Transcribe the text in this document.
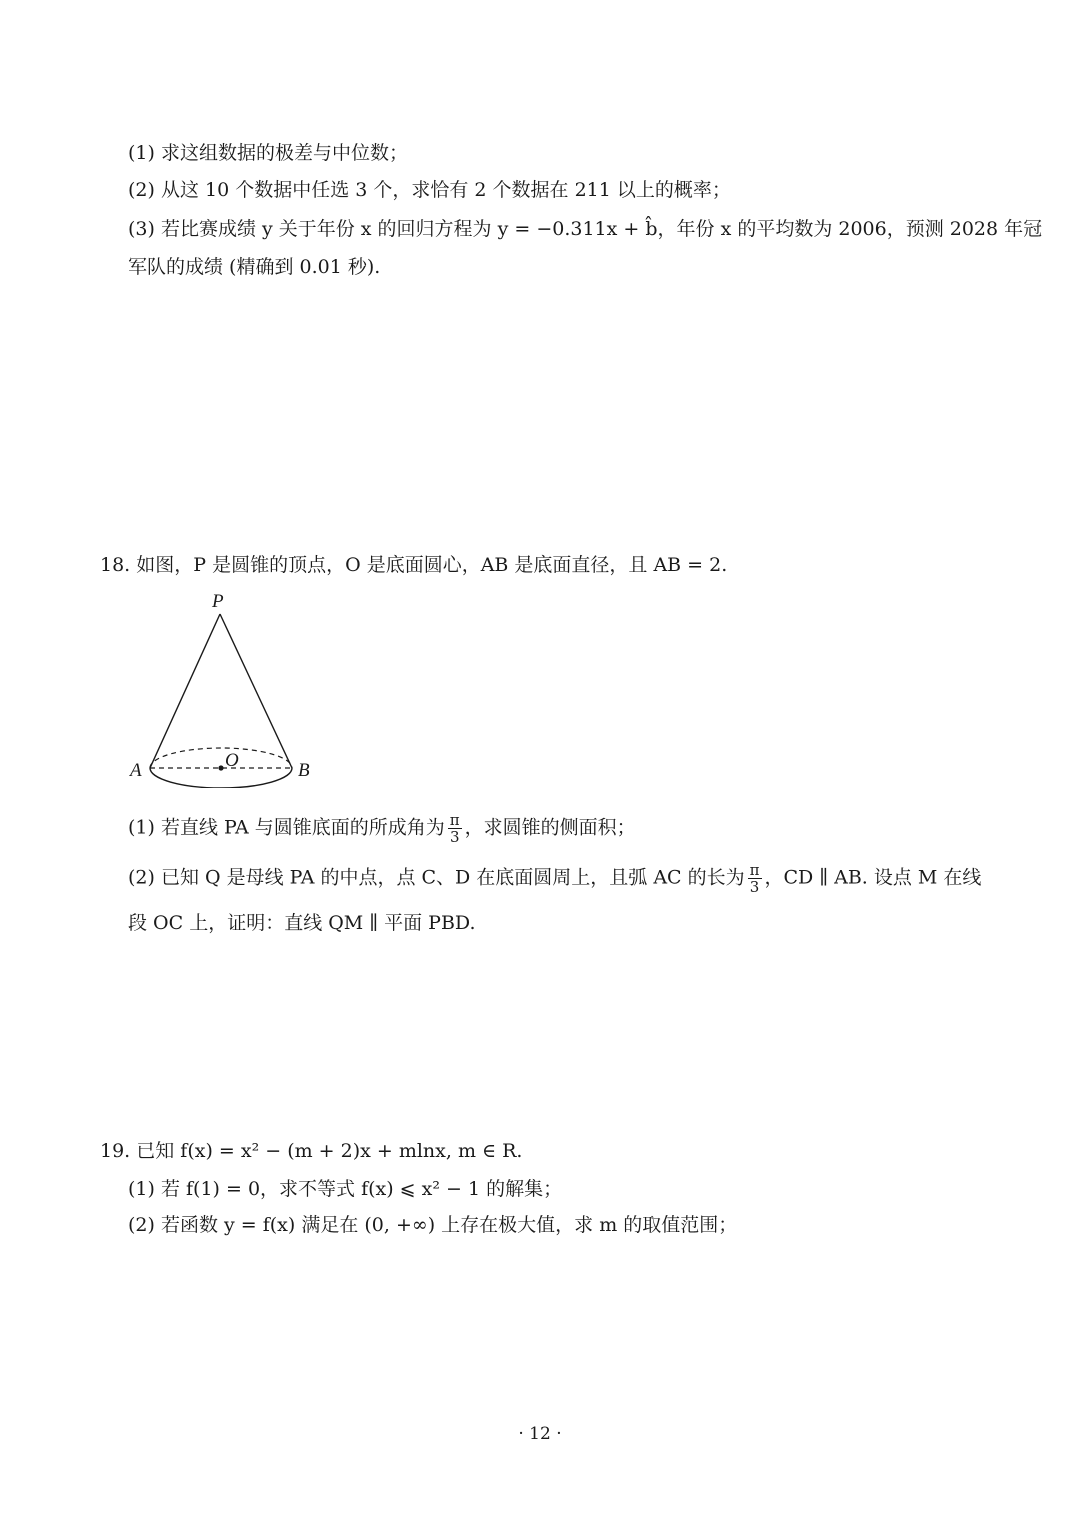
(1) 求这组数据的极差与中位数；
(2) 从这 10 个数据中任选 3 个，求恰有 2 个数据在 211 以上的概率；
(3) 若比赛成绩 y 关于年份 x 的回归方程为 y = −0.311x + b̂，年份 x 的平均数为 2006，预测 2028 年冠
军队的成绩 (精确到 0.01 秒).
18. 如图，P 是圆锥的顶点，O 是底面圆心，AB 是底面直径，且 AB = 2.
P
O
A	B
(1) 若直线 PA 与圆锥底面的所成角为 $\frac{\pi}{3}$ ，求圆锥的侧面积；
(2) 已知 Q 是母线 PA 的中点，点 C、D 在底面圆周上，且弧 AC 的长为 $\frac{\pi}{3}$ ，CD ∥ AB. 设点 M 在线
段 OC 上，证明：直线 QM ∥ 平面 PBD.
19. 已知 f(x) = x² − (m + 2)x + mlnx, m ∈ R.
(1) 若 f(1) = 0，求不等式 f(x) ⩽ x² − 1 的解集；
(2) 若函数 y = f(x) 满足在 (0, +∞) 上存在极大值，求 m 的取值范围；
· 12 ·
